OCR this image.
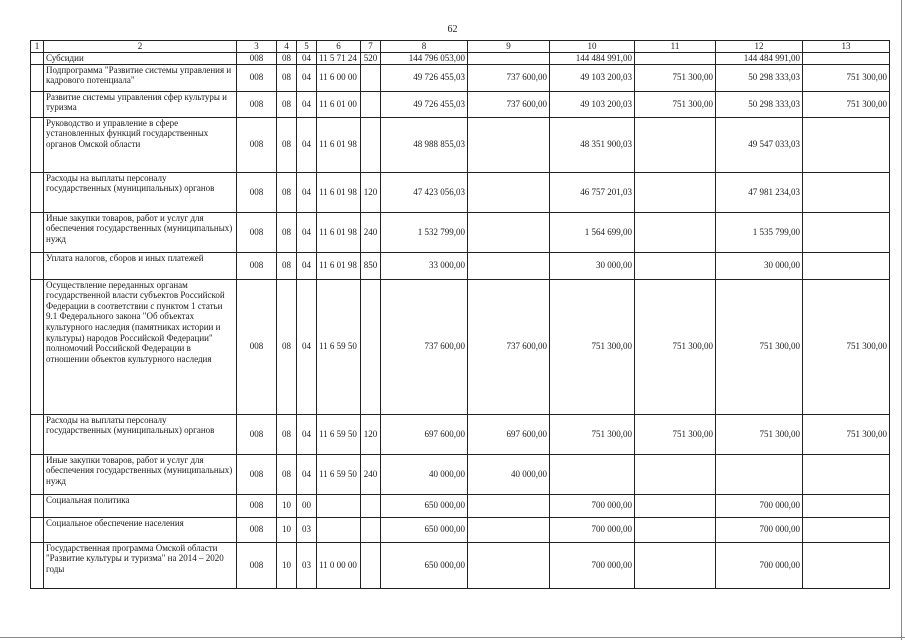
62
1	2	3	4	5	6	7	8	9	10	11	12	13
	Субсидии	008	08	04	11 5 71 24	520	144 796 053,00		144 484 991,00		144 484 991,00	
	Подпрограмма "Развитие системы управления и кадрового потенциала"	008	08	04	11 6 00 00		49 726 455,03	737 600,00	49 103 200,03	751 300,00	50 298 333,03	751 300,00
	Развитие системы управления сфер культуры и туризма	008	08	04	11 6 01 00		49 726 455,03	737 600,00	49 103 200,03	751 300,00	50 298 333,03	751 300,00
	Руководство и управление в сфере установленных функций государственных органов Омской области	008	08	04	11 6 01 98		48 988 855,03		48 351 900,03		49 547 033,03	
	Расходы на выплаты персоналу государственных (муниципальных) органов	008	08	04	11 6 01 98	120	47 423 056,03		46 757 201,03		47 981 234,03	
	Иные закупки товаров, работ и услуг для обеспечения государственных (муниципальных) нужд	008	08	04	11 6 01 98	240	1 532 799,00		1 564 699,00		1 535 799,00	
	Уплата налогов, сборов и иных платежей	008	08	04	11 6 01 98	850	33 000,00		30 000,00		30 000,00	
	Осуществление переданных органам государственной власти субъектов Российской Федерации в соответствии с пунктом 1 статьи 9.1 Федерального закона "Об объектах культурного наследия (памятниках истории и культуры) народов Российской Федерации" полномочий Российской Федерации в отношении объектов культурного наследия	008	08	04	11 6 59 50		737 600,00	737 600,00	751 300,00	751 300,00	751 300,00	751 300,00
	Расходы на выплаты персоналу государственных (муниципальных) органов	008	08	04	11 6 59 50	120	697 600,00	697 600,00	751 300,00	751 300,00	751 300,00	751 300,00
	Иные закупки товаров, работ и услуг для обеспечения государственных (муниципальных) нужд	008	08	04	11 6 59 50	240	40 000,00	40 000,00				
	Социальная политика	008	10	00			650 000,00		700 000,00		700 000,00	
	Социальное обеспечение населения	008	10	03			650 000,00		700 000,00		700 000,00	
	Государственная программа Омской области "Развитие культуры и туризма" на 2014 – 2020 годы	008	10	03	11 0 00 00		650 000,00		700 000,00		700 000,00	
